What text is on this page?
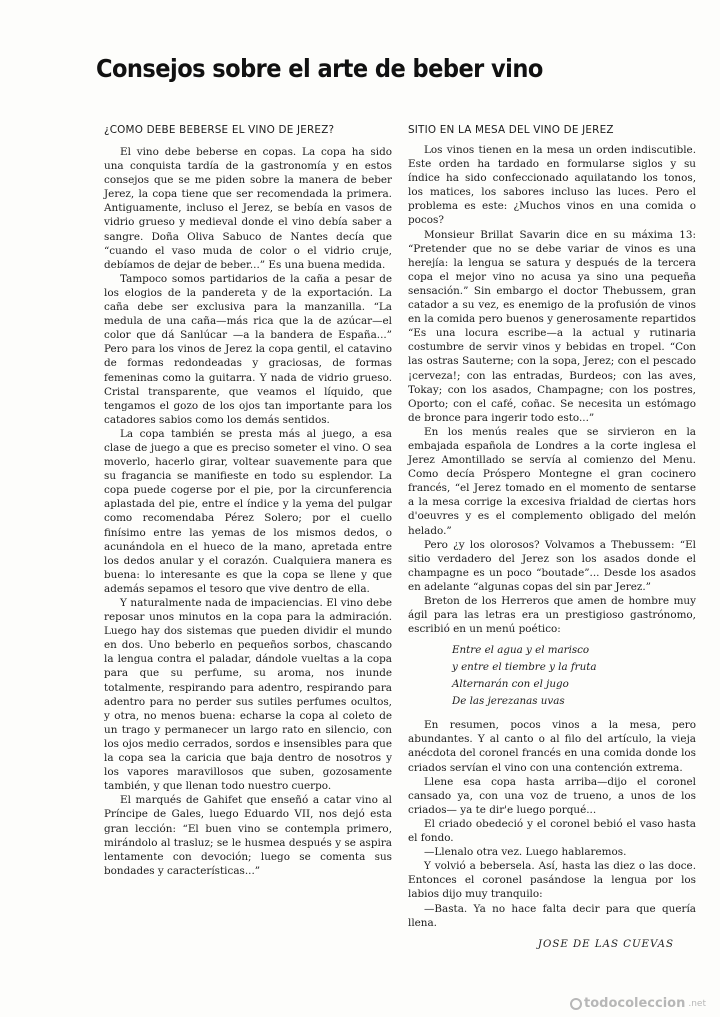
Consejos sobre el arte de beber vino
¿COMO DEBE BEBERSE EL VINO DE JEREZ?

El vino debe beberse en copas. La copa ha sido una conquista tardía de la gastronomía y en estos consejos que se me piden sobre la manera de beber Jerez, la copa tiene que ser recomendada la primera. Antiguamente, incluso el Jerez, se bebía en vasos de vidrio grueso y medieval donde el vino debía saber a sangre. Doña Oliva Sabuco de Nantes decía que “cuando el vaso muda de color o el vidrio cruje, debíamos de dejar de beber...” Es una buena medida.

Tampoco somos partidarios de la caña a pesar de los elogios de la pandereta y de la exportación. La caña debe ser exclusiva para la manzanilla. “La medula de una caña—más rica que la de azúcar—el color que dá Sanlúcar —a la bandera de España...” Pero para los vinos de Jerez la copa gentil, el catavino de formas redondeadas y graciosas, de formas femeninas como la guitarra. Y nada de vidrio grueso. Cristal transparente, que veamos el líquido, que tengamos el gozo de los ojos tan importante para los catadores sabios como los demás sentidos.

La copa también se presta más al juego, a esa clase de juego a que es preciso someter el vino. O sea moverlo, hacerlo girar, voltear suavemente para que su fragancia se manifieste en todo su esplendor. La copa puede cogerse por el pie, por la circunferencia aplastada del pie, entre el índice y la yema del pulgar como recomendaba Pérez Solero; por el cuello finísimo entre las yemas de los mismos dedos, o acunándola en el hueco de la mano, apretada entre los dedos anular y el corazón. Cualquiera manera es buena: lo interesante es que la copa se llene y que además sepamos el tesoro que vive dentro de ella.

Y naturalmente nada de impaciencias. El vino debe reposar unos minutos en la copa para la admiración. Luego hay dos sistemas que pueden dividir el mundo en dos. Uno beberlo en pequeños sorbos, chascando la lengua contra el paladar, dándole vueltas a la copa para que su perfume, su aroma, nos inunde totalmente, respirando para adentro, respirando para adentro para no perder sus sutiles perfumes ocultos, y otra, no menos buena: echarse la copa al coleto de un trago y permanecer un largo rato en silencio, con los ojos medio cerrados, sordos e insensibles para que la copa sea la caricia que baja dentro de nosotros y los vapores maravillosos que suben, gozosamente también, y que llenan todo nuestro cuerpo.

El marqués de Gahifet que enseñó a catar vino al Príncipe de Gales, luego Eduardo VII, nos dejó esta gran lección: “El buen vino se contempla primero, mirándolo al trasluz; se le husmea después y se aspira lentamente con devoción; luego se comenta sus bondades y características...”

SITIO EN LA MESA DEL VINO DE JEREZ

Los vinos tienen en la mesa un orden indiscutible. Este orden ha tardado en formularse siglos y su índice ha sido confeccionado aquilatando los tonos, los matices, los sabores incluso las luces. Pero el problema es este: ¿Muchos vinos en una comida o pocos?

Monsieur Brillat Savarin dice en su máxima 13: “Pretender que no se debe variar de vinos es una herejía: la lengua se satura y después de la tercera copa el mejor vino no acusa ya sino una pequeña sensación.” Sin embargo el doctor Thebussem, gran catador a su vez, es enemigo de la profusión de vinos en la comida pero buenos y generosamente repartidos “Es una locura escribe—a la actual y rutinaria costumbre de servir vinos y bebidas en tropel. “Con las ostras Sauterne; con la sopa, Jerez; con el pescado ¡cerveza!; con las entradas, Burdeos; con las aves, Tokay; con los asados, Champagne; con los postres, Oporto; con el café, coñac. Se necesita un estómago de bronce para ingerir todo esto...”

En los menús reales que se sirvieron en la embajada española de Londres a la corte inglesa el Jerez Amontillado se servía al comienzo del Menu. Como decía Próspero Montegne el gran cocinero francés, “el Jerez tomado en el momento de sentarse a la mesa corrige la excesiva frialdad de ciertas hors d'oeuvres y es el complemento obligado del melón helado.”

Pero ¿y los olorosos? Volvamos a Thebussem: “El sitio verdadero del Jerez son los asados donde el champagne es un poco “boutade”... Desde los asados en adelante “algunas copas del sin par Jerez.”

Breton de los Herreros que amen de hombre muy ágil para las letras era un prestigioso gastrónomo, escribió en un menú poético:

Entre el agua y el marisco
y entre el tiembre y la fruta
Alternarán con el jugo
De las jerezanas uvas

En resumen, pocos vinos a la mesa, pero abundantes. Y al canto o al filo del artículo, la vieja anécdota del coronel francés en una comida donde los criados servían el vino con una contención extrema.

Llene esa copa hasta arriba—dijo el coronel cansado ya, con una voz de trueno, a unos de los criados— ya te dir'e luego porqué...

El criado obedeció y el coronel bebió el vaso hasta el fondo.

—Llenalo otra vez. Luego hablaremos.

Y volvió a bebersela. Así, hasta las diez o las doce. Entonces el coronel pasándose la lengua por los labios dijo muy tranquilo:

—Basta. Ya no hace falta decir para que quería llena.

JOSE DE LAS CUEVAS
todocoleccion .net
